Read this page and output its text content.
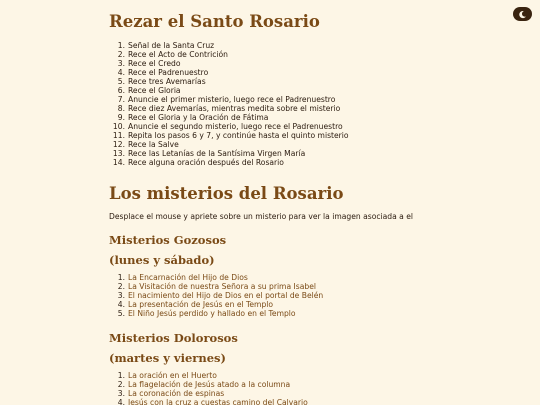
Rezar el Santo Rosario
1. Señal de la Santa Cruz
2. Rece el Acto de Contrición
3. Rece el Credo
4. Rece el Padrenuestro
5. Rece tres Avemarías
6. Rece el Gloria
7. Anuncie el primer misterio, luego rece el Padrenuestro
8. Rece diez Avemarías, mientras medita sobre el misterio
9. Rece el Gloria y la Oración de Fátima
10. Anuncie el segundo misterio, luego rece el Padrenuestro
11. Repita los pasos 6 y 7, y continúe hasta el quinto misterio
12. Rece la Salve
13. Rece las Letanías de la Santísima Virgen María
14. Rece alguna oración después del Rosario
Los misterios del Rosario
Desplace el mouse y apriete sobre un misterio para ver la imagen asociada a el
Misterios Gozosos
(lunes y sábado)
1. La Encarnación del Hijo de Dios
2. La Visitación de nuestra Señora a su prima Isabel
3. El nacimiento del Hijo de Dios en el portal de Belén
4. La presentación de Jesús en el Templo
5. El Niño Jesús perdido y hallado en el Templo
Misterios Dolorosos
(martes y viernes)
1. La oración en el Huerto
2. La flagelación de Jesús atado a la columna
3. La coronación de espinas
4. Jesús con la cruz a cuestas camino del Calvario
